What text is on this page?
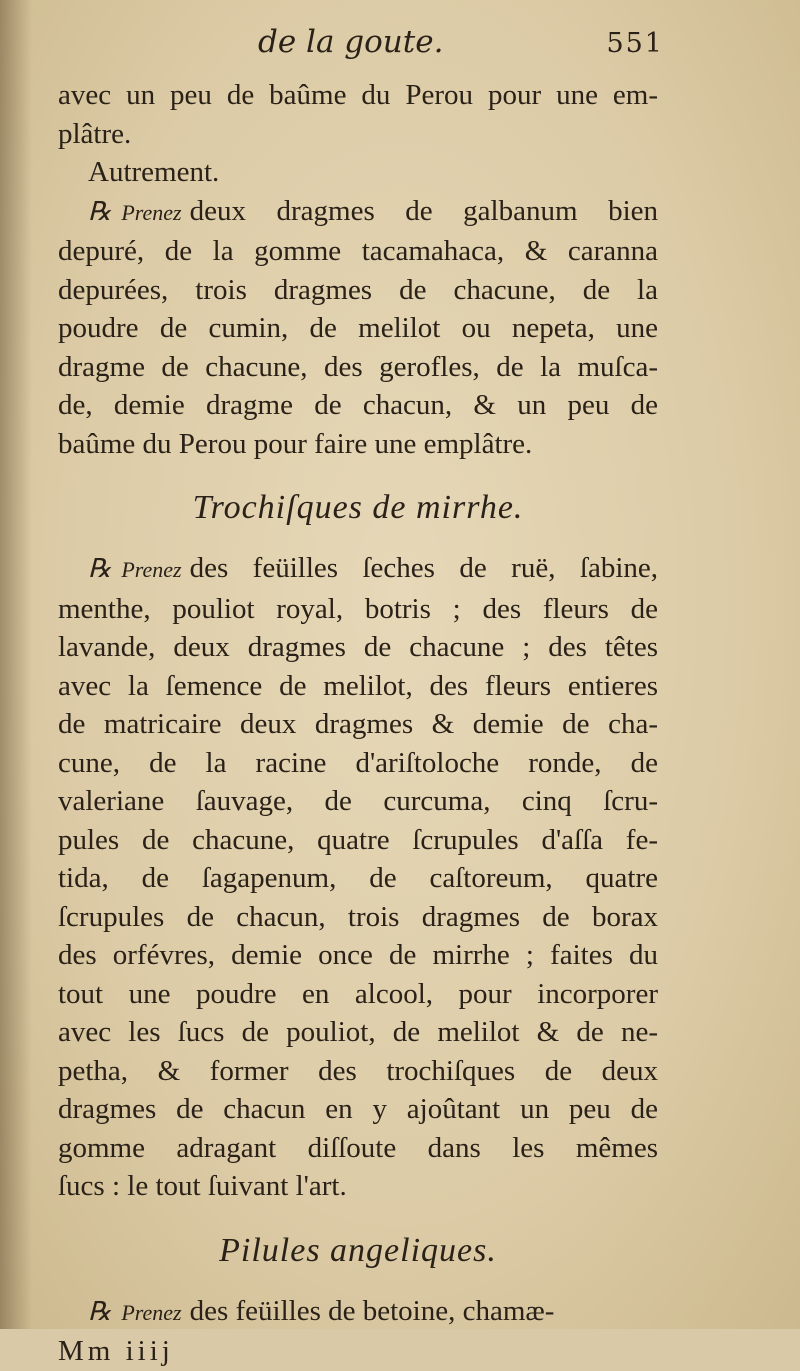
de la goute.	551
avec un peu de baûme du Perou pour une em-
plâtre.
Autrement.
℞ Prenez deux dragmes de galbanum bien
depuré, de la gomme tacamahaca, & caranna
depurées, trois dragmes de chacune, de la
poudre de cumin, de melilot ou nepeta, une
dragme de chacune, des gerofles, de la muſca-
de, demie dragme de chacun, & un peu de
baûme du Perou pour faire une emplâtre.
Trochiſques de mirrhe.
℞ Prenez des feüilles ſeches de ruë, ſabine,
menthe, pouliot royal, botris ; des fleurs de
lavande, deux dragmes de chacune ; des têtes
avec la ſemence de melilot, des fleurs entieres
de matricaire deux dragmes & demie de cha-
cune, de la racine d'ariſtoloche ronde, de
valeriane ſauvage, de curcuma, cinq ſcru-
pules de chacune, quatre ſcrupules d'aſſa fe-
tida, de ſagapenum, de caſtoreum, quatre
ſcrupules de chacun, trois dragmes de borax
des orfévres, demie once de mirrhe ; faites du
tout une poudre en alcool, pour incorporer
avec les ſucs de pouliot, de melilot & de ne-
petha, & former des trochiſques de deux
dragmes de chacun en y ajoûtant un peu de
gomme adragant diſſoute dans les mêmes
ſucs : le tout ſuivant l'art.
Pilules angeliques.
℞ Prenez des feüilles de betoine, chamæ-
Mm iiij
